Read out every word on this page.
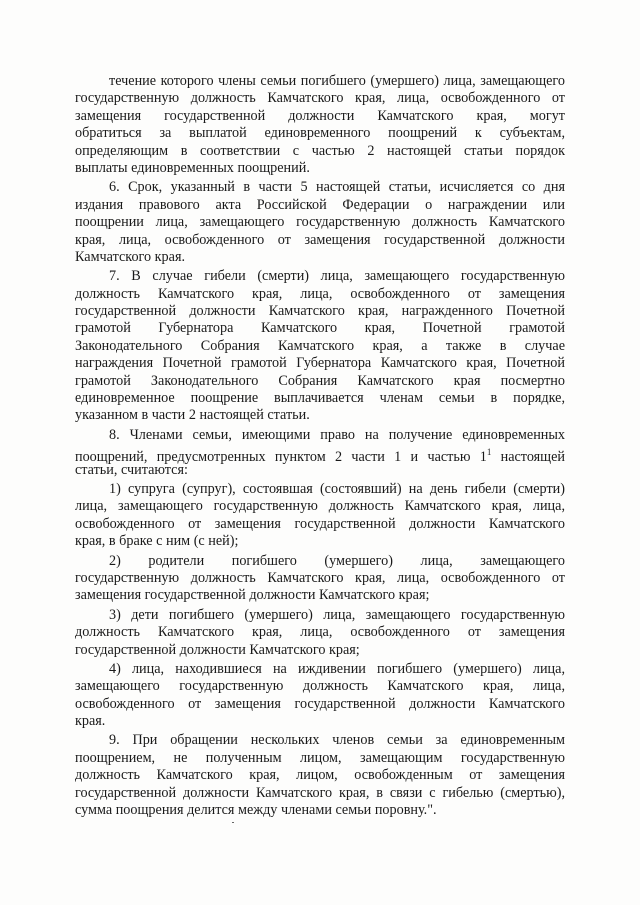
течение которого члены семьи погибшего (умершего) лица, замещающего
государственную должность Камчатского края, лица, освобожденного от
замещения государственной должности Камчатского края, могут
обратиться за выплатой единовременного поощрений к субъектам,
определяющим в соответствии с частью 2 настоящей статьи порядок
выплаты единовременных поощрений.
6. Срок, указанный в части 5 настоящей статьи, исчисляется со дня
издания правового акта Российской Федерации о награждении или
поощрении лица, замещающего государственную должность Камчатского
края, лица, освобожденного от замещения государственной должности
Камчатского края.
7. В случае гибели (смерти) лица, замещающего государственную
должность Камчатского края, лица, освобожденного от замещения
государственной должности Камчатского края, награжденного Почетной
грамотой Губернатора Камчатского края, Почетной грамотой
Законодательного Собрания Камчатского края, а также в случае
награждения Почетной грамотой Губернатора Камчатского края, Почетной
грамотой Законодательного Собрания Камчатского края посмертно
единовременное поощрение выплачивается членам семьи в порядке,
указанном в части 2 настоящей статьи.
8. Членами семьи, имеющими право на получение единовременных
поощрений, предусмотренных пунктом 2 части 1 и частью $1^1$ настоящей
статьи, считаются:
1) супруга (супруг), состоявшая (состоявший) на день гибели (смерти)
лица, замещающего государственную должность Камчатского края, лица,
освобожденного от замещения государственной должности Камчатского
края, в браке с ним (с ней);
2) родители погибшего (умершего) лица, замещающего
государственную должность Камчатского края, лица, освобожденного от
замещения государственной должности Камчатского края;
3) дети погибшего (умершего) лица, замещающего государственную
должность Камчатского края, лица, освобожденного от замещения
государственной должности Камчатского края;
4) лица, находившиеся на иждивении погибшего (умершего) лица,
замещающего государственную должность Камчатского края, лица,
освобожденного от замещения государственной должности Камчатского
края.
9. При обращении нескольких членов семьи за единовременным
поощрением, не полученным лицом, замещающим государственную
должность Камчатского края, лицом, освобожденным от замещения
государственной должности Камчатского края, в связи с гибелью (смертью),
сумма поощрения делится между членами семьи поровну.".
